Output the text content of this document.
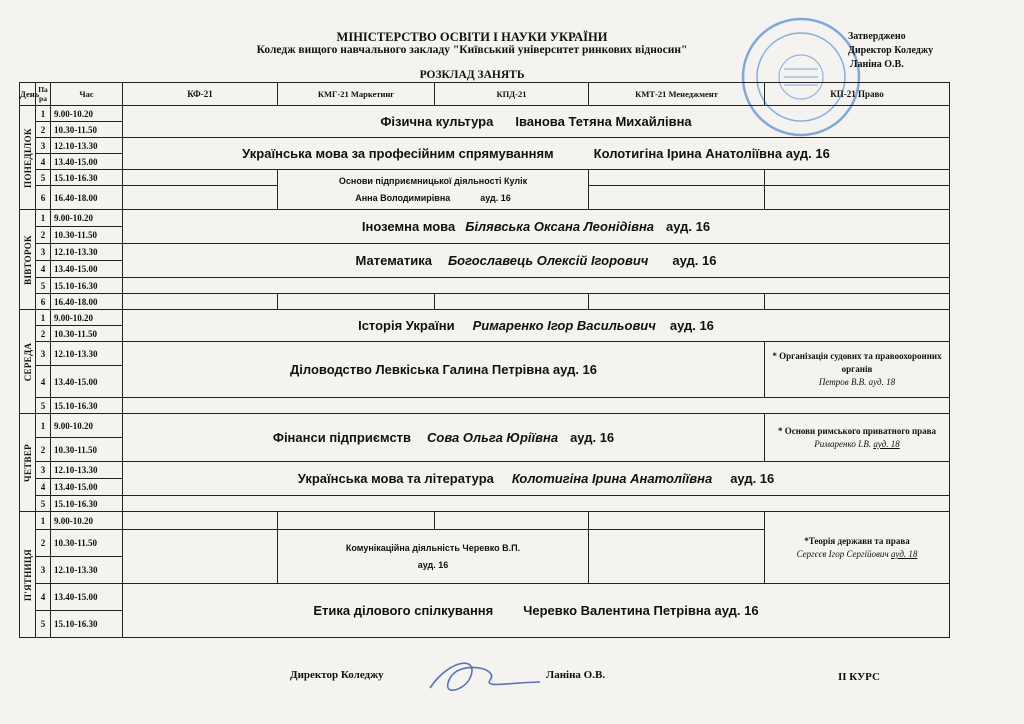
МІНІСТЕРСТВО ОСВІТИ І НАУКИ УКРАЇНИ
Коледж вищого навчального закладу "Київський університет ринкових відносин"
РОЗКЛАД ЗАНЯТЬ
Затверджено
Директор Коледжу
Ланіна О.В.
День	Па ра	Час	КФ-21	КМГ-21 Маркетинг	КПД-21	КМТ-21 Менеджмент	КП-21 Право

ПОНЕДІЛОК	1	9.00-10.20	Фізична культура Іванова Тетяна Михайлівна				
	2	10.30-11.50					
	3	12.10-13.30	Українська мова за професійним спрямуванням Колотигіна Ірина Анатоліївна ауд. 16				
	4	13.40-15.00					
	5	15.10-16.30		Основи підприємницької діяльності Кулік
Анна Володимирівна ауд. 16			

	6	16.40-18.00					

ВІВТОРОК	1	9.00-10.20	Іноземна мова Білявська Оксана Леонідівна ауд. 16				
	2	10.30-11.50					
	3	12.10-13.30	Математика Богославець Олексій Ігорович ауд. 16				
	4	13.40-15.00					
	5	15.10-16.30					
	6	16.40-18.00					

СЕРЕДА	1	9.00-10.20	Історія України Римаренко Ігор Васильович ауд. 16				
	2	10.30-11.50					
	3	12.10-13.30	Діловодство Левкіська Галина Петрівна ауд. 16				* Організація судових та правоохоронних органів
Петров В.В. ауд. 18

	4	13.40-15.00					
	5	15.10-16.30					

ЧЕТВЕР	1	9.00-10.20	Фінанси підприємств Сова Ольга Юріївна ауд. 16				* Основи римського приватного права
Римаренко І.В. ауд. 18

	2	10.30-11.50					
	3	12.10-13.30	Українська мова та література Колотигіна Ірина Анатоліївна ауд. 16				
	4	13.40-15.00					
	5	15.10-16.30					

П'ЯТНИЦЯ	1	9.00-10.20					*Теорія держави та права
Сергєєв Ігор Сергійович ауд. 18

	2	10.30-11.50		Комунікаційна діяльність Черевко В.П.
ауд. 16			

	3	12.10-13.30					
	4	13.40-15.00	Етика ділового спілкування Черевко Валентина Петрівна ауд. 16				
	5	15.10-16.30					
Директор Коледжу	Ланіна О.В.	ІІ КУРС
